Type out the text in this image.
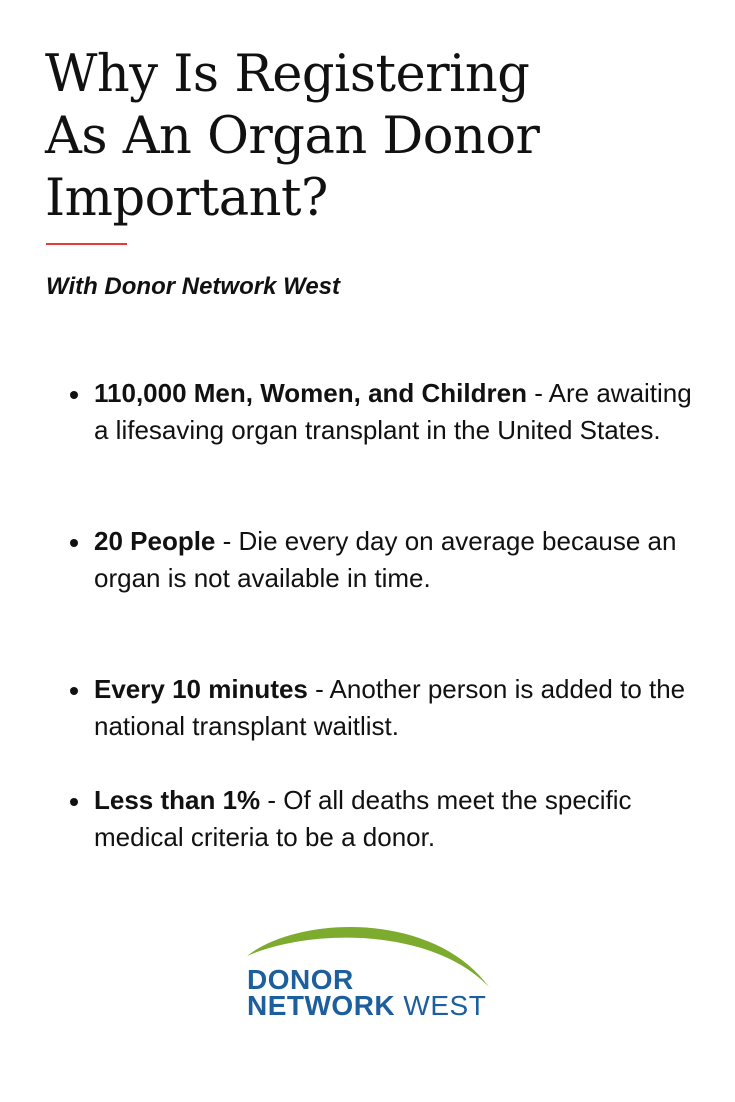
Why Is Registering
As An Organ Donor
Important?

With Donor Network West

110,000 Men, Women, and Children - Are awaiting a lifesaving organ transplant in the United States.
20 People - Die every day on average because an organ is not available in time.
Every 10 minutes - Another person is added to the national transplant waitlist.
Less than 1% - Of all deaths meet the specific medical criteria to be a donor.
DONOR
NETWORK WEST
